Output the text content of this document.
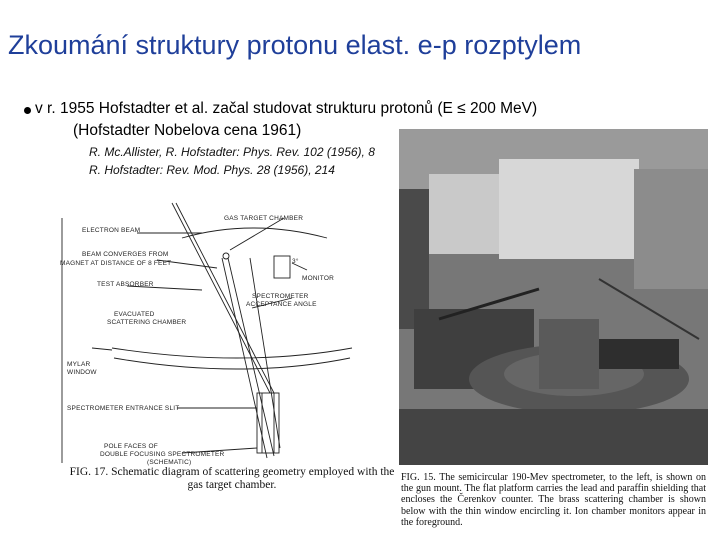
Zkoumání struktury protonu elast. e-p rozptylem
v r. 1955 Hofstadter et al. začal studovat strukturu protonů (E ≤ 200 MeV)
(Hofstadter Nobelova cena 1961)
R. Mc.Allister, R. Hofstadter: Phys. Rev. 102 (1956), 8
R. Hofstadter: Rev. Mod. Phys. 28 (1956), 214
GAS TARGET CHAMBER
ELECTRON BEAM
BEAM CONVERGES FROM
MAGNET AT DISTANCE OF 8 FEET	3°
MONITOR
TEST ABSORBER
SPECTROMETER
ACCEPTANCE ANGLE
EVACUATED
SCATTERING CHAMBER
MYLAR
WINDOW
SPECTROMETER ENTRANCE SLIT
POLE FACES OF
DOUBLE FOCUSING SPECTROMETER
(SCHEMATIC)
FIG. 17. Schematic diagram of scattering geometry employed with the gas target chamber.
FIG. 15. The semicircular 190-Mev spectrometer, to the left, is shown on the gun mount. The flat platform carries the lead and paraffin shielding that encloses the Čerenkov counter. The brass scattering chamber is shown below with the thin window encircling it. Ion chamber monitors appear in the foreground.
